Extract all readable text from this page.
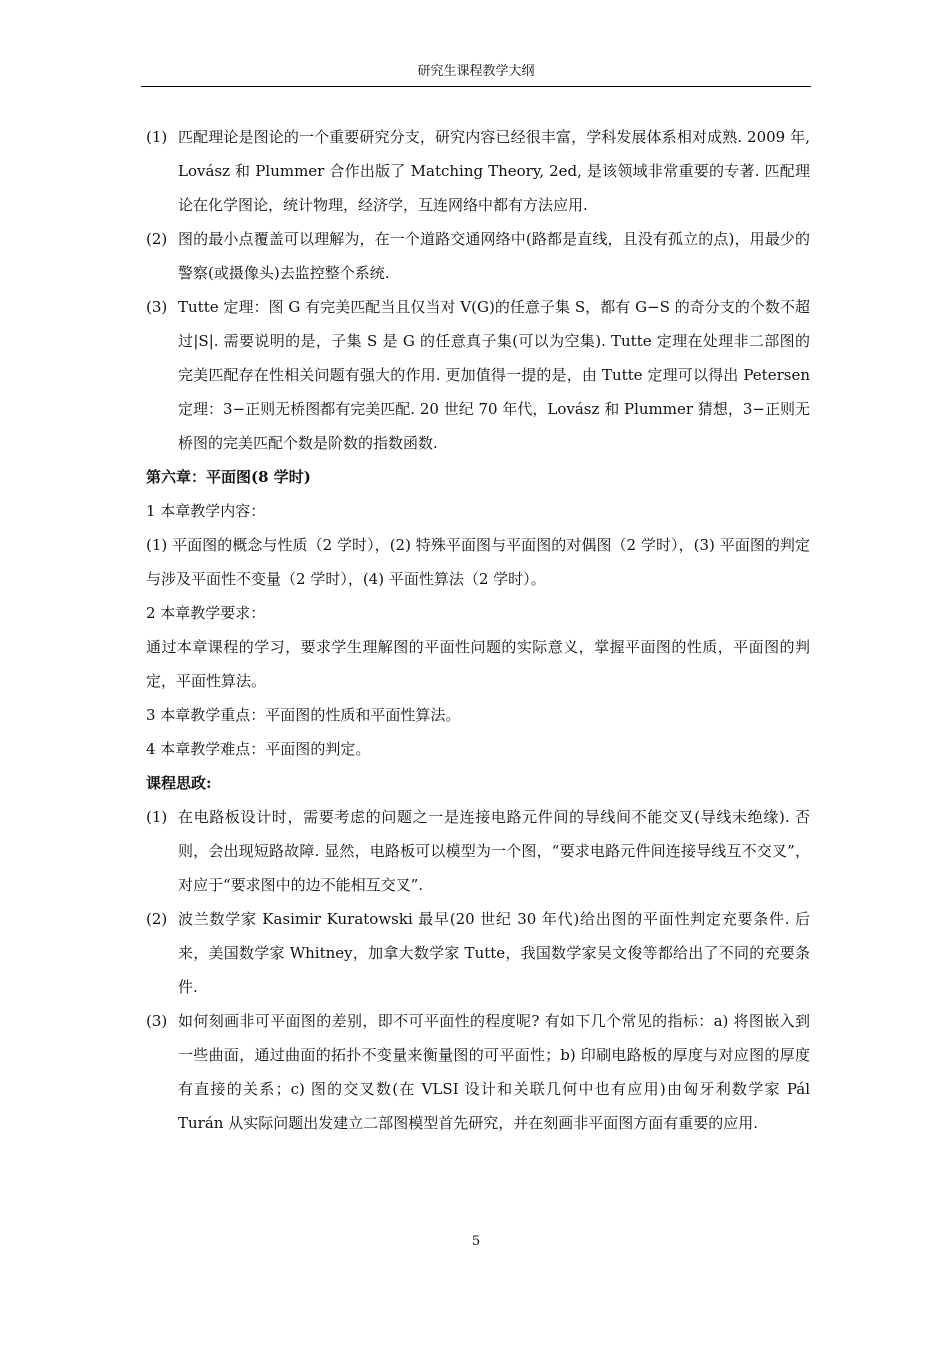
研究生课程教学大纲
(1) 匹配理论是图论的一个重要研究分支，研究内容已经很丰富，学科发展体系相对成熟. 2009 年, Lovász 和 Plummer 合作出版了 Matching Theory, 2ed, 是该领域非常重要的专著. 匹配理论在化学图论，统计物理，经济学，互连网络中都有方法应用.
(2) 图的最小点覆盖可以理解为，在一个道路交通网络中(路都是直线，且没有孤立的点)，用最少的警察(或摄像头)去监控整个系统.
(3) Tutte 定理：图 G 有完美匹配当且仅当对 V(G)的任意子集 S，都有 G−S 的奇分支的个数不超过|S|. 需要说明的是，子集 S 是 G 的任意真子集(可以为空集). Tutte 定理在处理非二部图的完美匹配存在性相关问题有强大的作用. 更加值得一提的是，由 Tutte 定理可以得出 Petersen 定理：3−正则无桥图都有完美匹配. 20 世纪 70 年代，Lovász 和 Plummer 猜想，3−正则无桥图的完美匹配个数是阶数的指数函数.
第六章：平面图(8 学时)
1 本章教学内容：
(1) 平面图的概念与性质（2 学时），(2) 特殊平面图与平面图的对偶图（2 学时），(3) 平面图的判定与涉及平面性不变量（2 学时），(4) 平面性算法（2 学时）。
2 本章教学要求：
通过本章课程的学习，要求学生理解图的平面性问题的实际意义，掌握平面图的性质，平面图的判定，平面性算法。
3 本章教学重点：平面图的性质和平面性算法。
4 本章教学难点：平面图的判定。
课程思政:
(1) 在电路板设计时，需要考虑的问题之一是连接电路元件间的导线间不能交叉(导线未绝缘). 否则，会出现短路故障. 显然，电路板可以模型为一个图，“要求电路元件间连接导线互不交叉”，对应于“要求图中的边不能相互交叉”.
(2) 波兰数学家 Kasimir Kuratowski 最早(20 世纪 30 年代)给出图的平面性判定充要条件. 后来，美国数学家 Whitney，加拿大数学家 Tutte，我国数学家吴文俊等都给出了不同的充要条件.
(3) 如何刻画非可平面图的差别，即不可平面性的程度呢? 有如下几个常见的指标：a) 将图嵌入到一些曲面，通过曲面的拓扑不变量来衡量图的可平面性；b) 印刷电路板的厚度与对应图的厚度有直接的关系；c) 图的交叉数(在 VLSI 设计和关联几何中也有应用)由匈牙利数学家 Pál Turán 从实际问题出发建立二部图模型首先研究，并在刻画非平面图方面有重要的应用.
5
